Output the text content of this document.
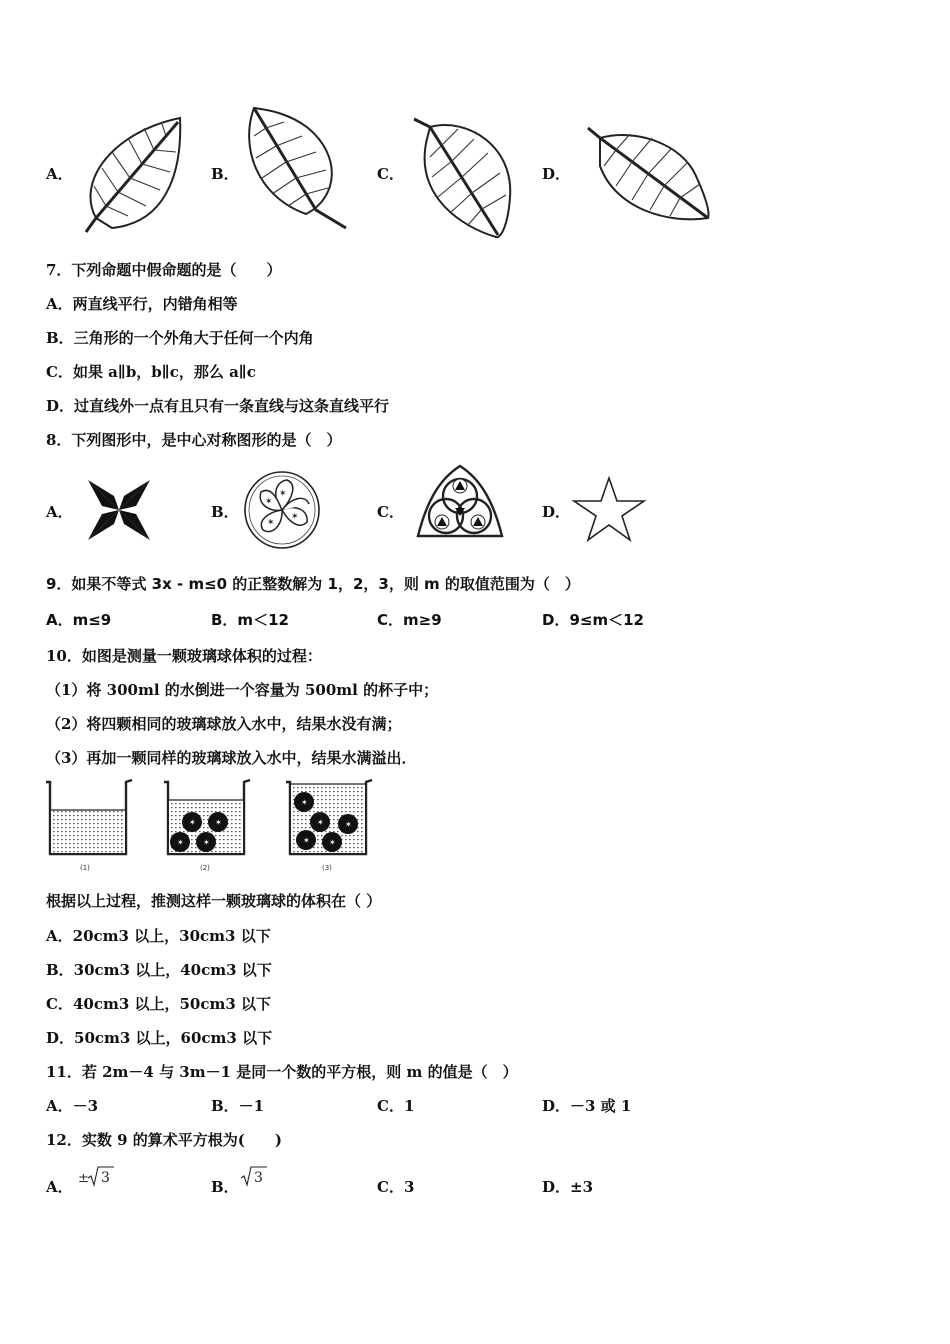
A．	B．	C．	D．
7．下列命题中假命题的是（　　）
A．两直线平行，内错角相等
B．三角形的一个外角大于任何一个内角
C．如果 a∥b，b∥c，那么 a∥c
D．过直线外一点有且只有一条直线与这条直线平行
8．下列图形中，是中心对称图形的是（　）
A．	B．	C．	D．
✶
✶
✶
✶
9．如果不等式 3x - m≤0 的正整数解为 1，2，3，则 m 的取值范围为（　）
A．m≤9	B．m＜12	C．m≥9	D．9≤m＜12
10．如图是测量一颗玻璃球体积的过程：
（1）将 300ml 的水倒进一个容量为 500ml 的杯子中；
（2）将四颗相同的玻璃球放入水中，结果水没有满；
（3）再加一颗同样的玻璃球放入水中，结果水满溢出．
(1)
✶ ✶
✶ ✶
(2)
✶
✶
✶
✶ ✶
(3)
根据以上过程，推测这样一颗玻璃球的体积在（ ）
A．20cm3 以上，30cm3 以下
B．30cm3 以上，40cm3 以下
C．40cm3 以上，50cm3 以下
D．50cm3 以上，60cm3 以下
11．若 2m－4 与 3m－1 是同一个数的平方根，则 m 的值是（　）
A．－3	B．－1	C．1	D．－3 或 1
12．实数 9 的算术平方根为(　　)
A． ± 3	B． 3	C．3	D．±3
